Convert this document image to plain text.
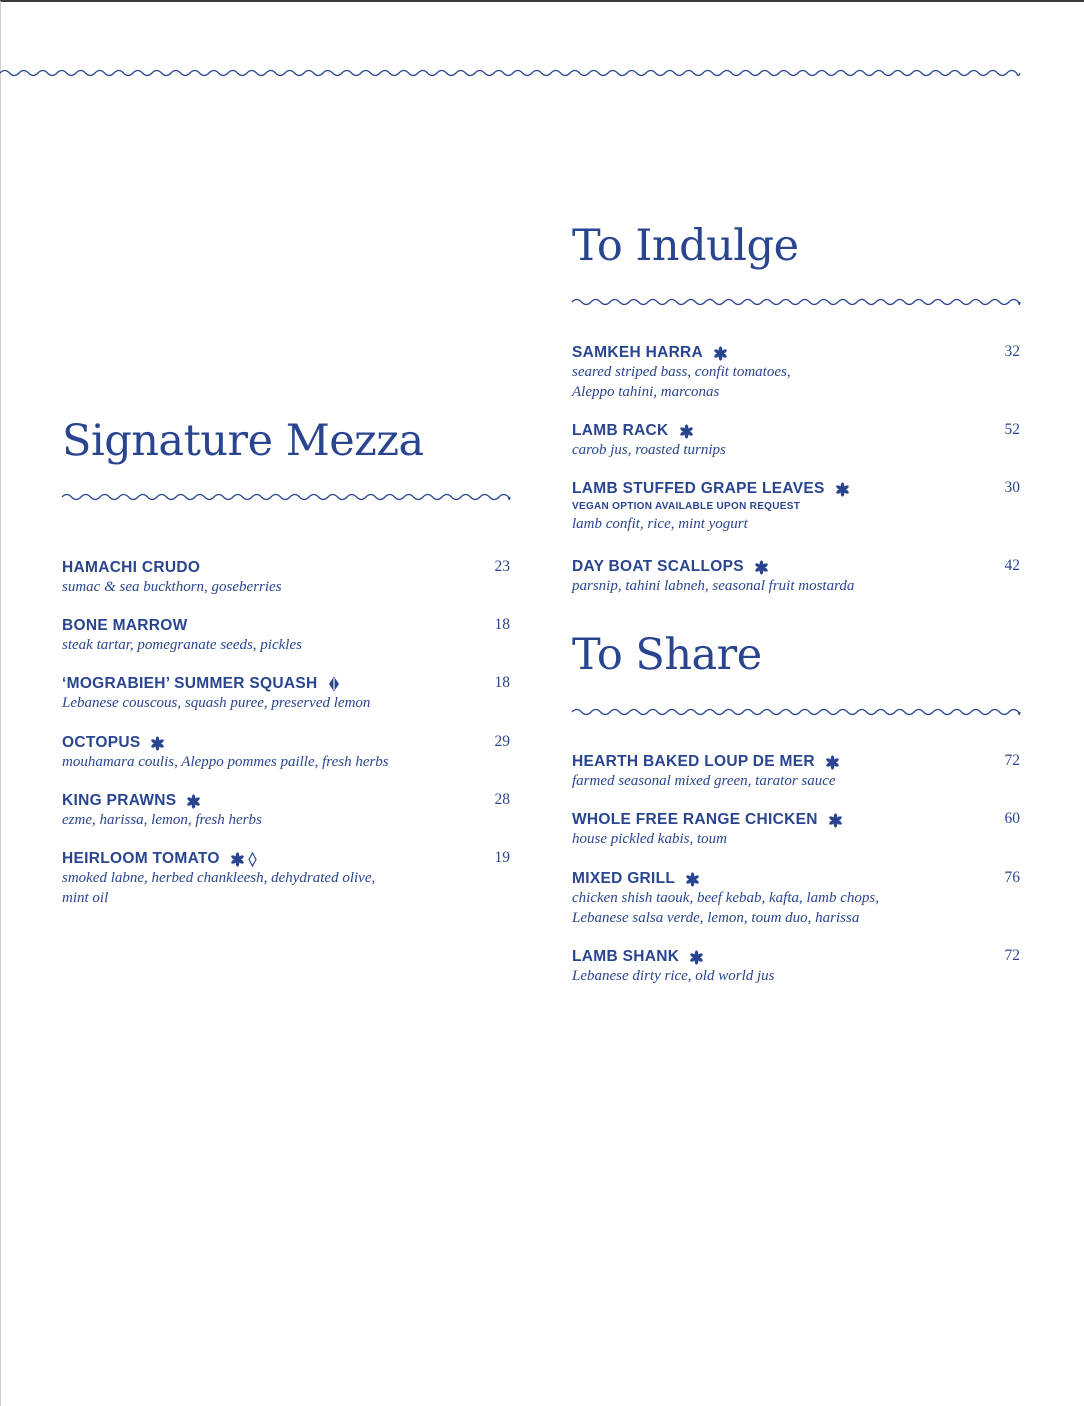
Signature Mezza
HAMACHI CRUDO	23
sumac & sea buckthorn, goseberries
BONE MARROW	18
steak tartar, pomegranate seeds, pickles
‘MOGRABIEH’ SUMMER SQUASH	18
Lebanese couscous, squash puree, preserved lemon
OCTOPUS	29
mouhamara coulis, Aleppo pommes paille, fresh herbs
KING PRAWNS	28
ezme, harissa, lemon, fresh herbs
HEIRLOOM TOMATO	19
smoked labne, herbed chankleesh, dehydrated olive,
mint oil
To Indulge
SAMKEH HARRA	32
seared striped bass, confit tomatoes,
Aleppo tahini, marconas
LAMB RACK	52
carob jus, roasted turnips
LAMB STUFFED GRAPE LEAVES	30
VEGAN OPTION AVAILABLE UPON REQUEST
lamb confit, rice, mint yogurt
DAY BOAT SCALLOPS	42
parsnip, tahini labneh, seasonal fruit mostarda
To Share
HEARTH BAKED LOUP DE MER	72
farmed seasonal mixed green, tarator sauce
WHOLE FREE RANGE CHICKEN	60
house pickled kabis, toum
MIXED GRILL	76
chicken shish taouk, beef kebab, kafta, lamb chops,
Lebanese salsa verde, lemon, toum duo, harissa
LAMB SHANK	72
Lebanese dirty rice, old world jus
